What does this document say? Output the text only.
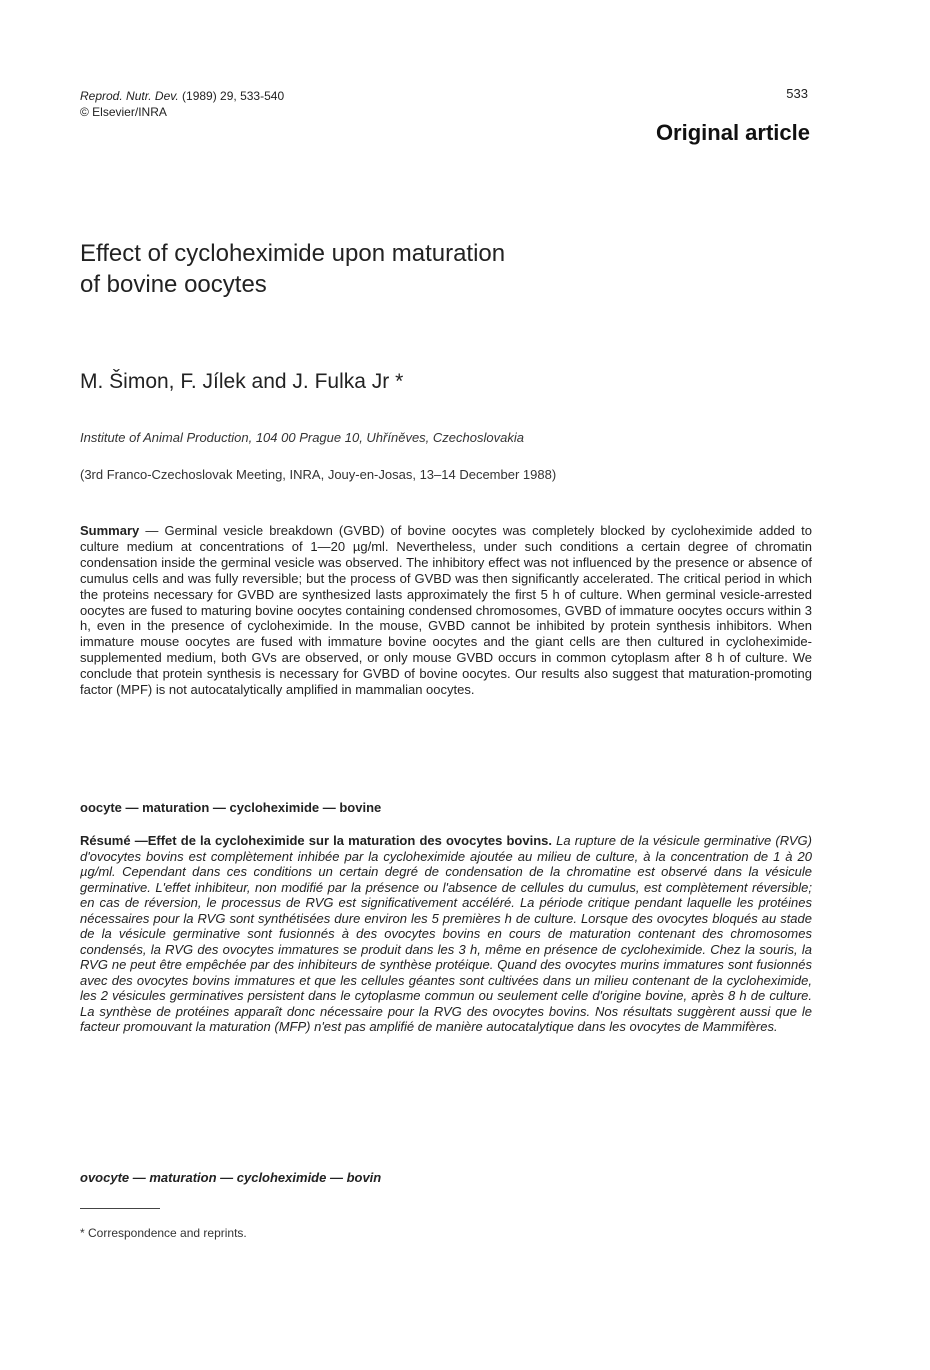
Reprod. Nutr. Dev. (1989) 29, 533-540
© Elsevier/INRA
533
Original article
Effect of cycloheximide upon maturation
of bovine oocytes
M. Šimon, F. Jílek and J. Fulka Jr *
Institute of Animal Production, 104 00 Prague 10, Uhříněves, Czechoslovakia
(3rd Franco-Czechoslovak Meeting, INRA, Jouy-en-Josas, 13–14 December 1988)

Summary — Germinal vesicle breakdown (GVBD) of bovine oocytes was completely blocked by cycloheximide added to culture medium at concentrations of 1—20 µg/ml. Nevertheless, under such conditions a certain degree of chromatin condensation inside the germinal vesicle was observed. The inhibitory effect was not influenced by the presence or absence of cumulus cells and was fully reversible; but the process of GVBD was then significantly accelerated. The critical period in which the proteins necessary for GVBD are synthesized lasts approximately the first 5 h of culture. When germinal vesicle-arrested oocytes are fused to maturing bovine oocytes containing condensed chromosomes, GVBD of immature oocytes occurs within 3 h, even in the presence of cycloheximide. In the mouse, GVBD cannot be inhibited by protein synthesis inhibitors. When immature mouse oocytes are fused with immature bovine oocytes and the giant cells are then cultured in cycloheximide-supplemented medium, both GVs are observed, or only mouse GVBD occurs in common cytoplasm after 8 h of culture. We conclude that protein synthesis is necessary for GVBD of bovine oocytes. Our results also suggest that maturation-promoting factor (MPF) is not autocatalytically amplified in mammalian oocytes.

oocyte — maturation — cycloheximide — bovine

Résumé —Effet de la cycloheximide sur la maturation des ovocytes bovins. La rupture de la vésicule germinative (RVG) d'ovocytes bovins est complètement inhibée par la cycloheximide ajoutée au milieu de culture, à la concentration de 1 à 20 µg/ml. Cependant dans ces conditions un certain degré de condensation de la chromatine est observé dans la vésicule germinative. L'effet inhibiteur, non modifié par la présence ou l'absence de cellules du cumulus, est complètement réversible; en cas de réversion, le processus de RVG est significativement accéléré. La période critique pendant laquelle les protéines nécessaires pour la RVG sont synthétisées dure environ les 5 premières h de culture. Lorsque des ovocytes bloqués au stade de la vésicule germinative sont fusionnés à des ovocytes bovins en cours de maturation contenant des chromosomes condensés, la RVG des ovocytes immatures se produit dans les 3 h, même en présence de cycloheximide. Chez la souris, la RVG ne peut être empêchée par des inhibiteurs de synthèse protéique. Quand des ovocytes murins immatures sont fusionnés avec des ovocytes bovins immatures et que les cellules géantes sont cultivées dans un milieu contenant de la cycloheximide, les 2 vésicules germinatives persistent dans le cytoplasme commun ou seulement celle d'origine bovine, après 8 h de culture. La synthèse de protéines apparaît donc nécessaire pour la RVG des ovocytes bovins. Nos résultats suggèrent aussi que le facteur promouvant la maturation (MFP) n'est pas amplifié de manière autocatalytique dans les ovocytes de Mammifères.

ovocyte — maturation — cycloheximide — bovin
* Correspondence and reprints.
